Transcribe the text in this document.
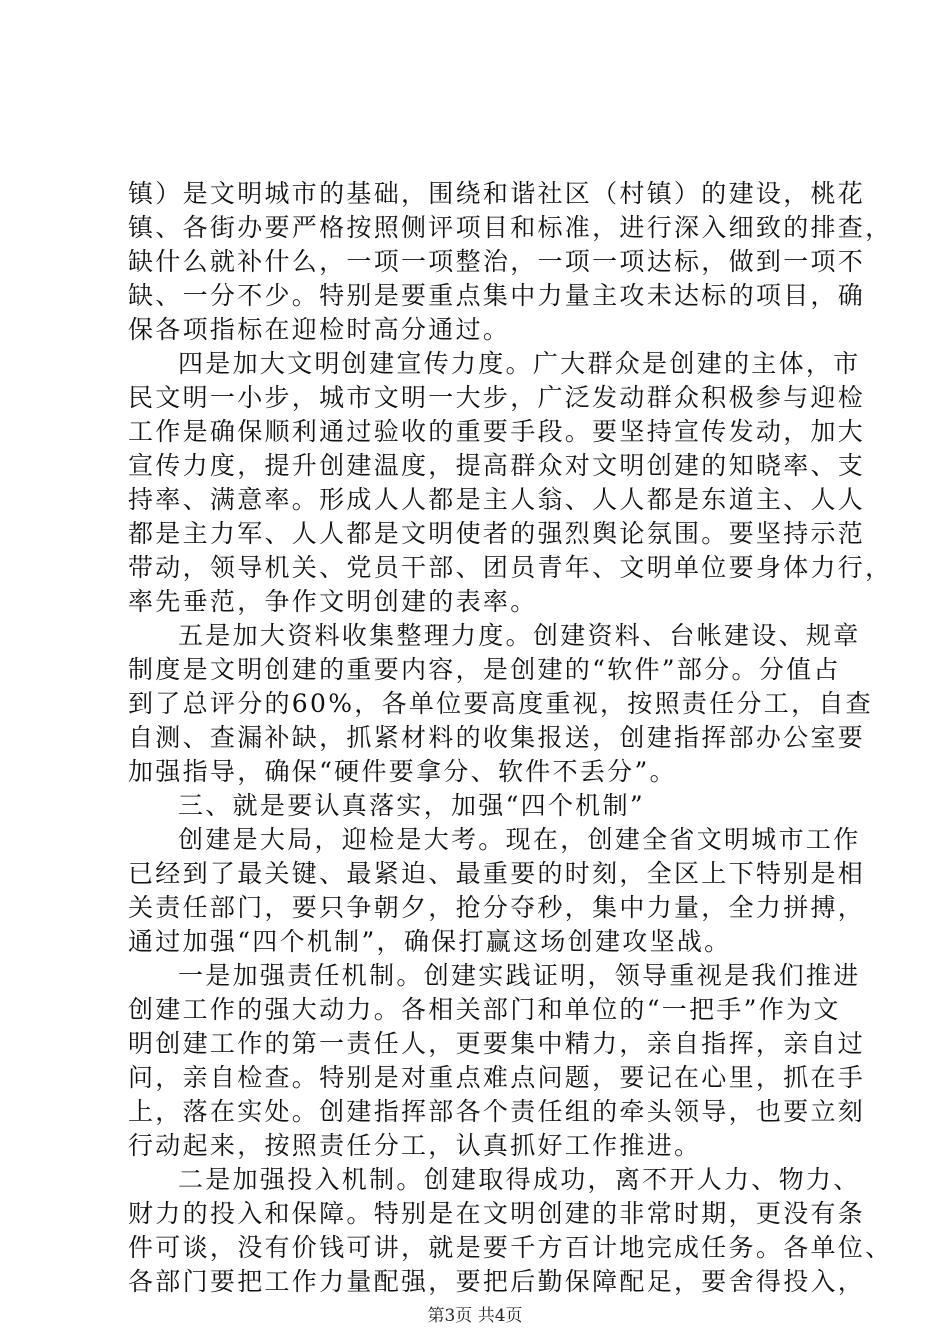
镇）是文明城市的基础，围绕和谐社区（村镇）的建设，桃花
镇、各街办要严格按照侧评项目和标准，进行深入细致的排查，
缺什么就补什么，一项一项整治，一项一项达标，做到一项不
缺、一分不少。特别是要重点集中力量主攻未达标的项目，确
保各项指标在迎检时高分通过。
四是加大文明创建宣传力度。广大群众是创建的主体，市
民文明一小步，城市文明一大步，广泛发动群众积极参与迎检
工作是确保顺利通过验收的重要手段。要坚持宣传发动，加大
宣传力度，提升创建温度，提高群众对文明创建的知晓率、支
持率、满意率。形成人人都是主人翁、人人都是东道主、人人
都是主力军、人人都是文明使者的强烈舆论氛围。要坚持示范
带动，领导机关、党员干部、团员青年、文明单位要身体力行，
率先垂范，争作文明创建的表率。
五是加大资料收集整理力度。创建资料、台帐建设、规章
制度是文明创建的重要内容，是创建的“软件”部分。分值占
到了总评分的60%，各单位要高度重视，按照责任分工，自查
自测、查漏补缺，抓紧材料的收集报送，创建指挥部办公室要
加强指导，确保“硬件要拿分、软件不丢分”。
三、就是要认真落实，加强“四个机制”
创建是大局，迎检是大考。现在，创建全省文明城市工作
已经到了最关键、最紧迫、最重要的时刻，全区上下特别是相
关责任部门，要只争朝夕，抢分夺秒，集中力量，全力拼搏，
通过加强“四个机制”，确保打赢这场创建攻坚战。
一是加强责任机制。创建实践证明，领导重视是我们推进
创建工作的强大动力。各相关部门和单位的“一把手”作为文
明创建工作的第一责任人，更要集中精力，亲自指挥，亲自过
问，亲自检查。特别是对重点难点问题，要记在心里，抓在手
上，落在实处。创建指挥部各个责任组的牵头领导，也要立刻
行动起来，按照责任分工，认真抓好工作推进。
二是加强投入机制。创建取得成功，离不开人力、物力、
财力的投入和保障。特别是在文明创建的非常时期，更没有条
件可谈，没有价钱可讲，就是要千方百计地完成任务。各单位、
各部门要把工作力量配强，要把后勤保障配足，要舍得投入，
第3页 共4页
